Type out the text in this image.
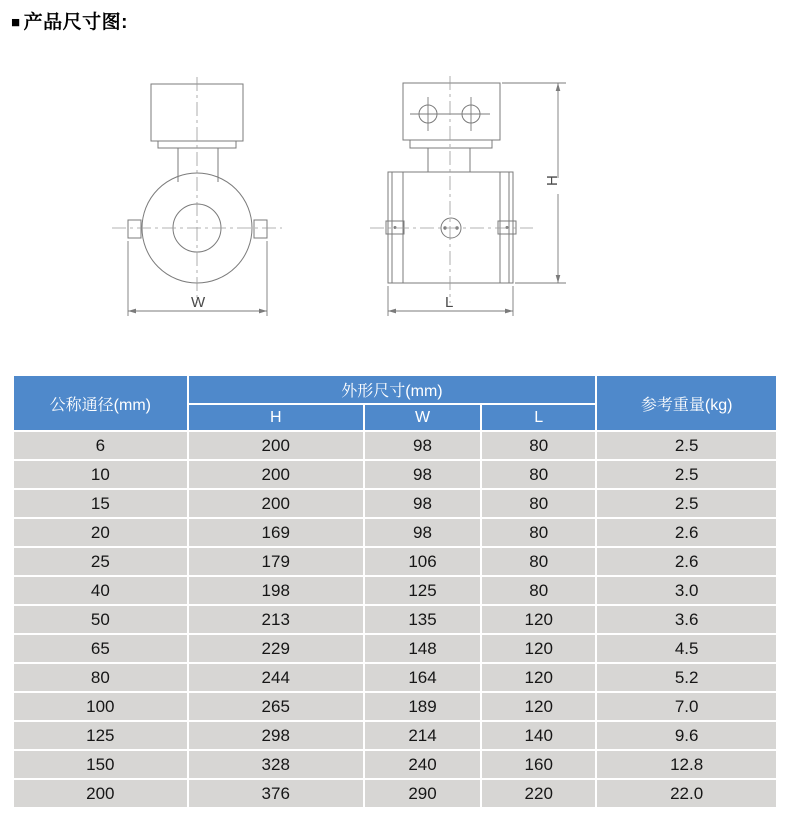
■ 产品尺寸图:
W
H
L
公称通径(mm)	外形尺寸(mm)			参考重量(kg)
	H	W	L	
6	200	98	80	2.5
10	200	98	80	2.5
15	200	98	80	2.5
20	169	98	80	2.6
25	179	106	80	2.6
40	198	125	80	3.0
50	213	135	120	3.6
65	229	148	120	4.5
80	244	164	120	5.2
100	265	189	120	7.0
125	298	214	140	9.6
150	328	240	160	12.8
200	376	290	220	22.0
